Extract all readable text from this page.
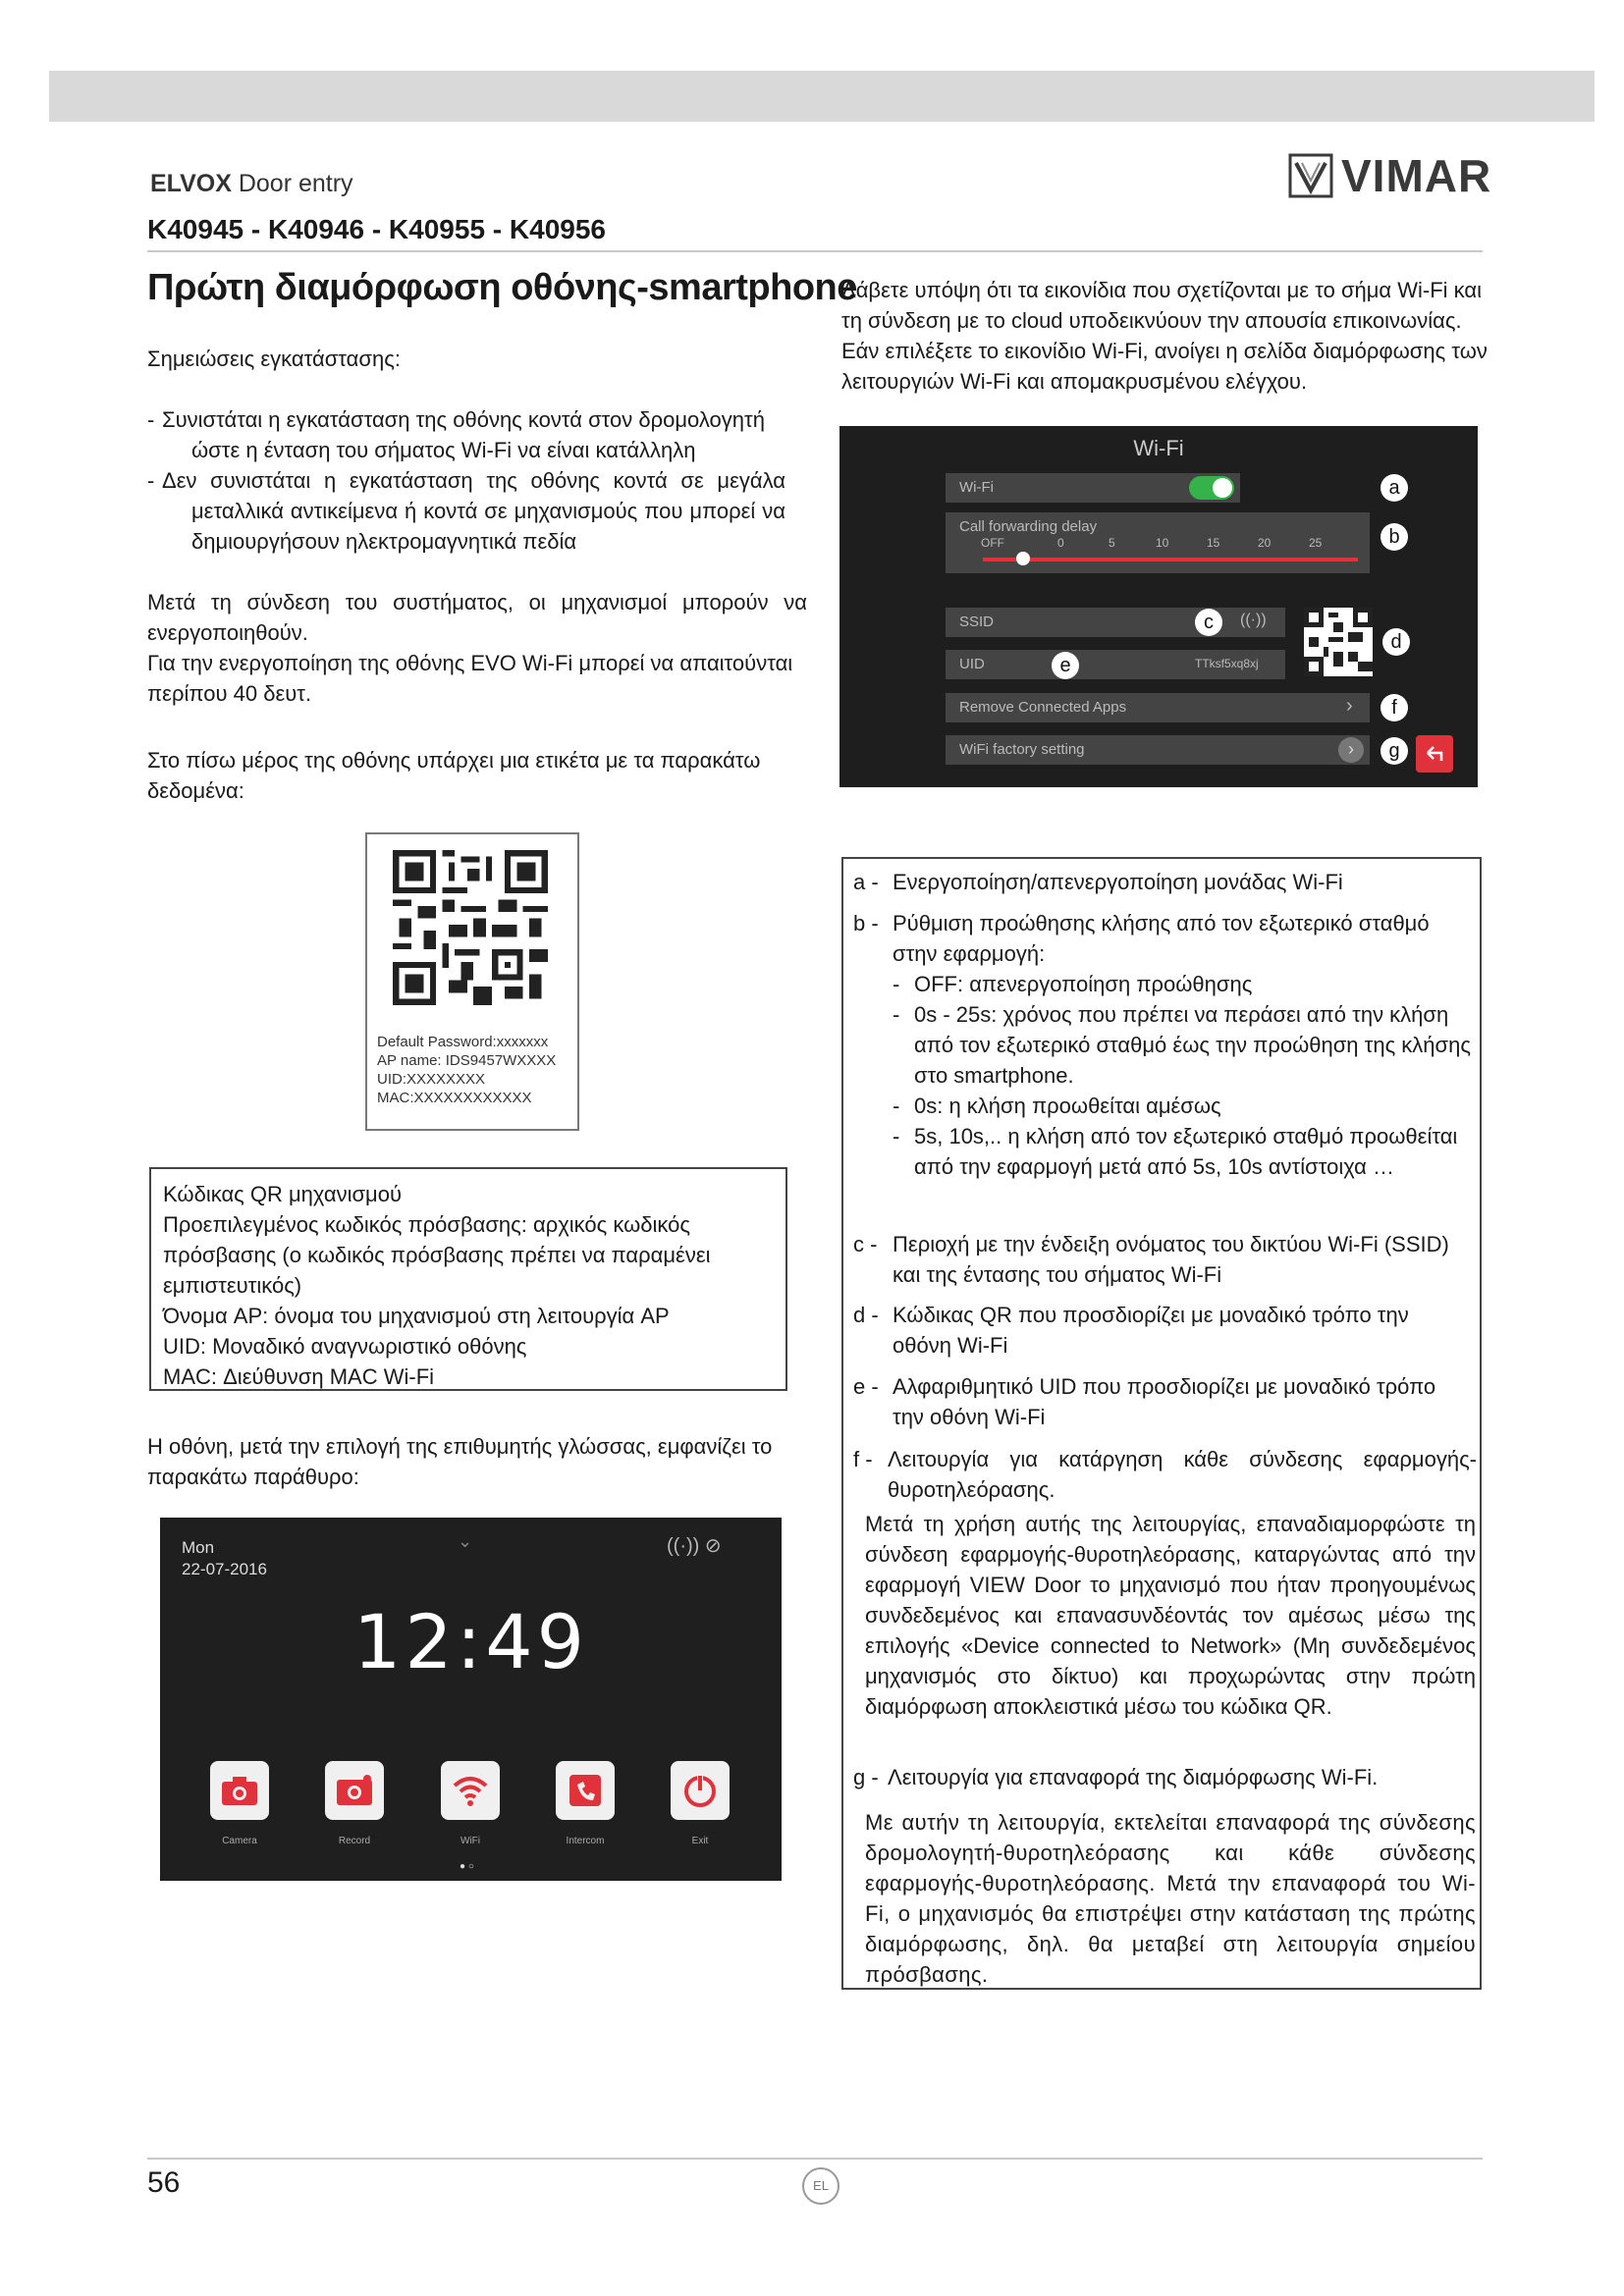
ELVOX Door entry	VIMAR
K40945 - K40946 - K40955 - K40956
Πρώτη διαμόρφωση οθόνης-smartphone
Σημειώσεις εγκατάστασης:
- Συνιστάται η εγκατάσταση της οθόνης κοντά στον δρομολογητή ώστε η ένταση του σήματος Wi-Fi να είναι κατάλληλη
- Δεν συνιστάται η εγκατάσταση της οθόνης κοντά σε μεγάλα μεταλλικά αντικείμενα ή κοντά σε μηχανισμούς που μπορεί να δημιουργήσουν ηλεκτρομαγνητικά πεδία
Μετά τη σύνδεση του συστήματος, οι μηχανισμοί μπορούν να ενεργοποιηθούν.
Για την ενεργοποίηση της οθόνης EVO Wi-Fi μπορεί να απαιτούνται περίπου 40 δευτ.
Στο πίσω μέρος της οθόνης υπάρχει μια ετικέτα με τα παρακάτω δεδομένα:
Default Password:xxxxxxx
AP name: IDS9457WXXXX
UID:XXXXXXXX
MAC:XXXXXXXXXXXX
Κώδικας QR μηχανισμού
Προεπιλεγμένος κωδικός πρόσβασης: αρχικός κωδικός πρόσβασης (ο κωδικός πρόσβασης πρέπει να παραμένει εμπιστευτικός)
Όνομα AP: όνομα του μηχανισμού στη λειτουργία AP
UID: Μοναδικό αναγνωριστικό οθόνης
MAC: Διεύθυνση MAC Wi-Fi
Η οθόνη, μετά την επιλογή της επιθυμητής γλώσσας, εμφανίζει το παρακάτω παράθυρο:
Mon
22-07-2016
⌄	((·)) ⊘
12:49
Camera	Record	WiFi	Intercom	Exit
● ○
Λάβετε υπόψη ότι τα εικονίδια που σχετίζονται με το σήμα Wi-Fi και τη σύνδεση με το cloud υποδεικνύουν την απουσία επικοινωνίας. Εάν επιλέξετε το εικονίδιο Wi-Fi, ανοίγει η σελίδα διαμόρφωσης των λειτουργιών Wi-Fi και απομακρυσμένου ελέγχου.
Wi-Fi
Wi-Fi	a
Call forwarding delay
OFF	0	5	10	15	20	25	b
SSID	((·))
c
UID	TTksf5xq8xj
e
d
Remove Connected Apps	›	f
WiFi factory setting	›	g
a - Ενεργοποίηση/απενεργοποίηση μονάδας Wi-Fi
b - Ρύθμιση προώθησης κλήσης από τον εξωτερικό σταθμό στην εφαρμογή:
- OFF: απενεργοποίηση προώθησης
- 0s - 25s: χρόνος που πρέπει να περάσει από την κλήση από τον εξωτερικό σταθμό έως την προώθηση της κλήσης στο smartphone.
- 0s: η κλήση προωθείται αμέσως
- 5s, 10s,.. η κλήση από τον εξωτερικό σταθμό προωθείται από την εφαρμογή μετά από 5s, 10s αντίστοιχα …
c - Περιοχή με την ένδειξη ονόματος του δικτύου Wi-Fi (SSID) και της έντασης του σήματος Wi-Fi
d - Κώδικας QR που προσδιορίζει με μοναδικό τρόπο την οθόνη Wi-Fi
e - Αλφαριθμητικό UID που προσδιορίζει με μοναδικό τρόπο την οθόνη Wi-Fi
f - Λειτουργία για κατάργηση κάθε σύνδεσης εφαρμογής-θυροτηλεόρασης.
Μετά τη χρήση αυτής της λειτουργίας, επαναδιαμορφώστε τη σύνδεση εφαρμογής-θυροτηλεόρασης, καταργώντας από την εφαρμογή VIEW Door το μηχανισμό που ήταν προηγουμένως συνδεδεμένος και επανασυνδέοντάς τον αμέσως μέσω της επιλογής «Device connected to Network» (Μη συνδεδεμένος μηχανισμός στο δίκτυο) και προχωρώντας στην πρώτη διαμόρφωση αποκλειστικά μέσω του κώδικα QR.
g - Λειτουργία για επαναφορά της διαμόρφωσης Wi-Fi.
Με αυτήν τη λειτουργία, εκτελείται επαναφορά της σύνδεσης δρομολογητή-θυροτηλεόρασης και κάθε σύνδεσης εφαρμογής-θυροτηλεόρασης. Μετά την επαναφορά του Wi-Fi, ο μηχανισμός θα επιστρέψει στην κατάσταση της πρώτης διαμόρφωσης, δηλ. θα μεταβεί στη λειτουργία σημείου πρόσβασης.
56	EL
